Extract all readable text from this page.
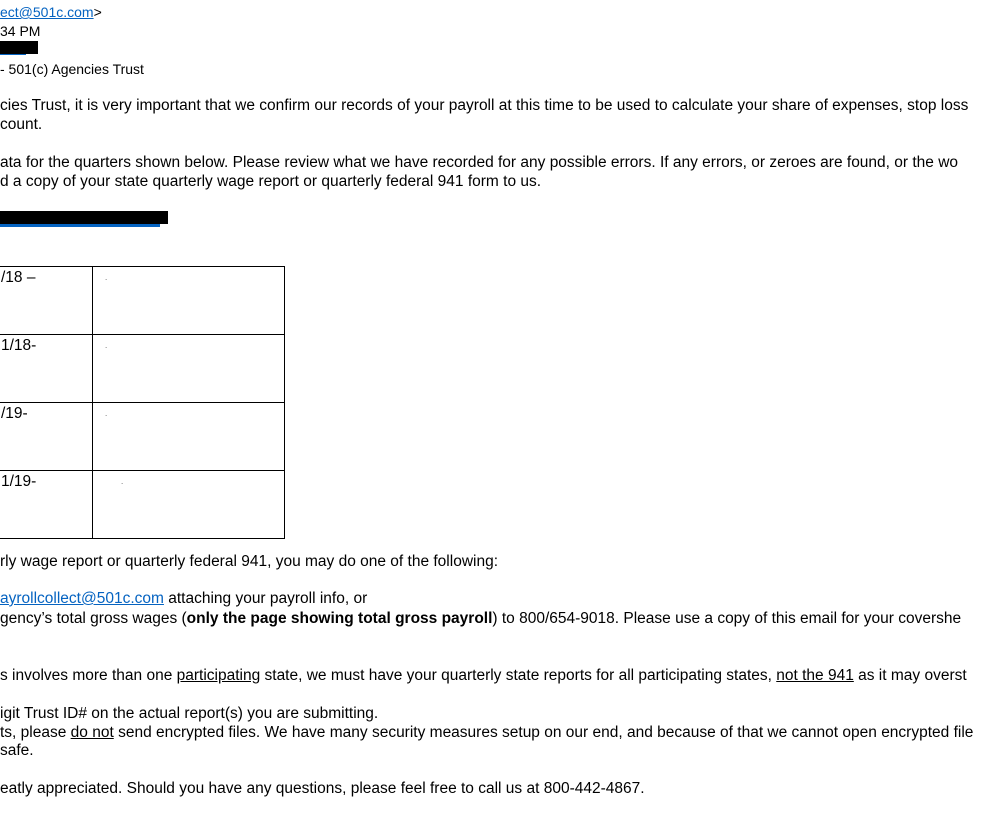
ect@501c.com>
34 PM
- 501(c) Agencies Trust
cies Trust, it is very important that we confirm our records of your payroll at this time to be used to calculate your share of expenses, stop loss
count.
ata for the quarters shown below. Please review what we have recorded for any possible errors. If any errors, or zeroes are found, or the wo
d a copy of your state quarterly wage report or quarterly federal 941 form to us.
/18 –	.
1/18-	.
/19-	.
1/19-	.
rly wage report or quarterly federal 941, you may do one of the following:
ayrollcollect@501c.com attaching your payroll info, or
gency’s total gross wages (only the page showing total gross payroll) to 800/654-9018. Please use a copy of this email for your covershe
s involves more than one participating state, we must have your quarterly state reports for all participating states, not the 941 as it may overst
igit Trust ID# on the actual report(s) you are submitting.
ts, please do not send encrypted files. We have many security measures setup on our end, and because of that we cannot open encrypted file
safe.
eatly appreciated. Should you have any questions, please feel free to call us at 800-442-4867.
